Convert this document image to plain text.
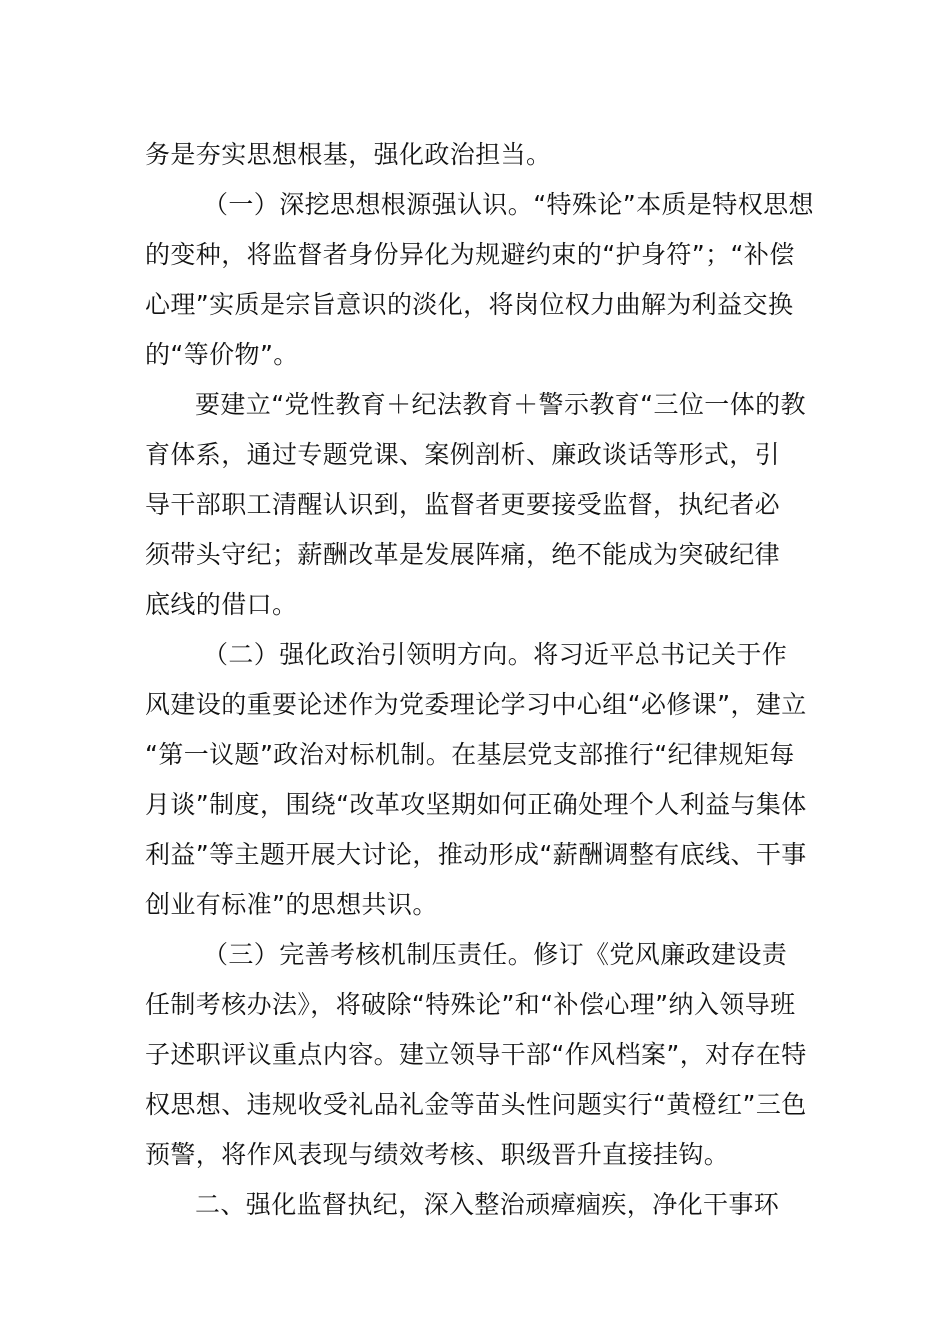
务是夯实思想根基，强化政治担当。
（一）深挖思想根源强认识。“特殊论”本质是特权思想
的变种，将监督者身份异化为规避约束的“护身符”；“补偿
心理”实质是宗旨意识的淡化，将岗位权力曲解为利益交换
的“等价物”。
要建立“党性教育＋纪法教育＋警示教育“三位一体的教
育体系，通过专题党课、案例剖析、廉政谈话等形式，引
导干部职工清醒认识到，监督者更要接受监督，执纪者必
须带头守纪；薪酬改革是发展阵痛，绝不能成为突破纪律
底线的借口。
（二）强化政治引领明方向。将习近平总书记关于作
风建设的重要论述作为党委理论学习中心组“必修课”，建立
“第一议题”政治对标机制。在基层党支部推行“纪律规矩每
月谈”制度，围绕“改革攻坚期如何正确处理个人利益与集体
利益”等主题开展大讨论，推动形成“薪酬调整有底线、干事
创业有标准”的思想共识。
（三）完善考核机制压责任。修订《党风廉政建设责
任制考核办法》，将破除“特殊论”和“补偿心理”纳入领导班
子述职评议重点内容。建立领导干部“作风档案”，对存在特
权思想、违规收受礼品礼金等苗头性问题实行“黄橙红”三色
预警，将作风表现与绩效考核、职级晋升直接挂钩。
二、强化监督执纪，深入整治顽瘴痼疾，净化干事环
